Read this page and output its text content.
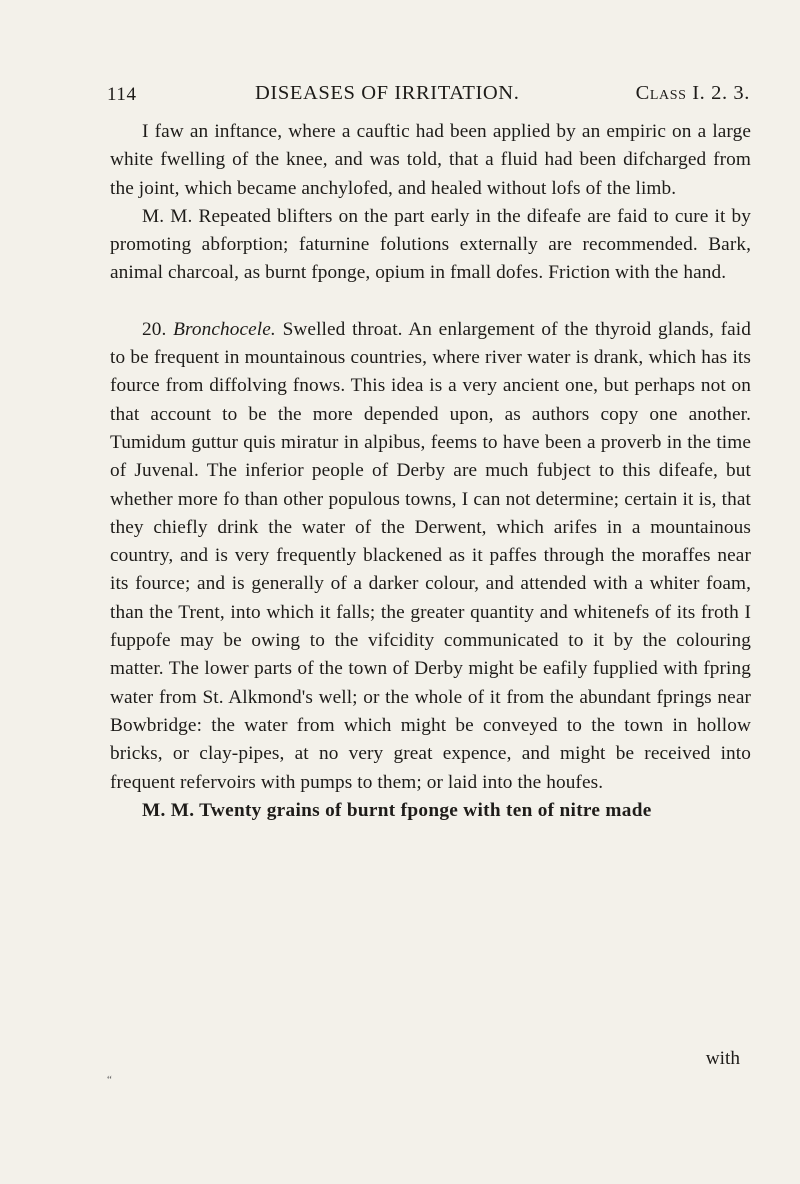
114	DISEASES OF IRRITATION.	Class I. 2. 3.

I faw an inftance, where a cauftic had been applied by an empiric on a large white fwelling of the knee, and was told, that a fluid had been difcharged from the joint, which became anchylofed, and healed without lofs of the limb.

M. M. Repeated blifters on the part early in the difeafe are faid to cure it by promoting abforption; faturnine folutions externally are recommended. Bark, animal charcoal, as burnt fponge, opium in fmall dofes. Friction with the hand.

20. Bronchocele. Swelled throat. An enlargement of the thyroid glands, faid to be frequent in mountainous countries, where river water is drank, which has its fource from diffolving fnows. This idea is a very ancient one, but perhaps not on that account to be the more depended upon, as authors copy one another. Tumidum guttur quis miratur in alpibus, feems to have been a proverb in the time of Juvenal. The inferior people of Derby are much fubject to this difeafe, but whether more fo than other populous towns, I can not determine; certain it is, that they chiefly drink the water of the Derwent, which arifes in a mountainous country, and is very frequently blackened as it paffes through the moraffes near its fource; and is generally of a darker colour, and attended with a whiter foam, than the Trent, into which it falls; the greater quantity and whitenefs of its froth I fuppofe may be owing to the vifcidity communicated to it by the colouring matter. The lower parts of the town of Derby might be eafily fupplied with fpring water from St. Alkmond's well; or the whole of it from the abundant fprings near Bowbridge: the water from which might be conveyed to the town in hollow bricks, or clay-pipes, at no very great expence, and might be received into frequent refervoirs with pumps to them; or laid into the houfes.

M. M. Twenty grains of burnt fponge with ten of nitre made

with
“
